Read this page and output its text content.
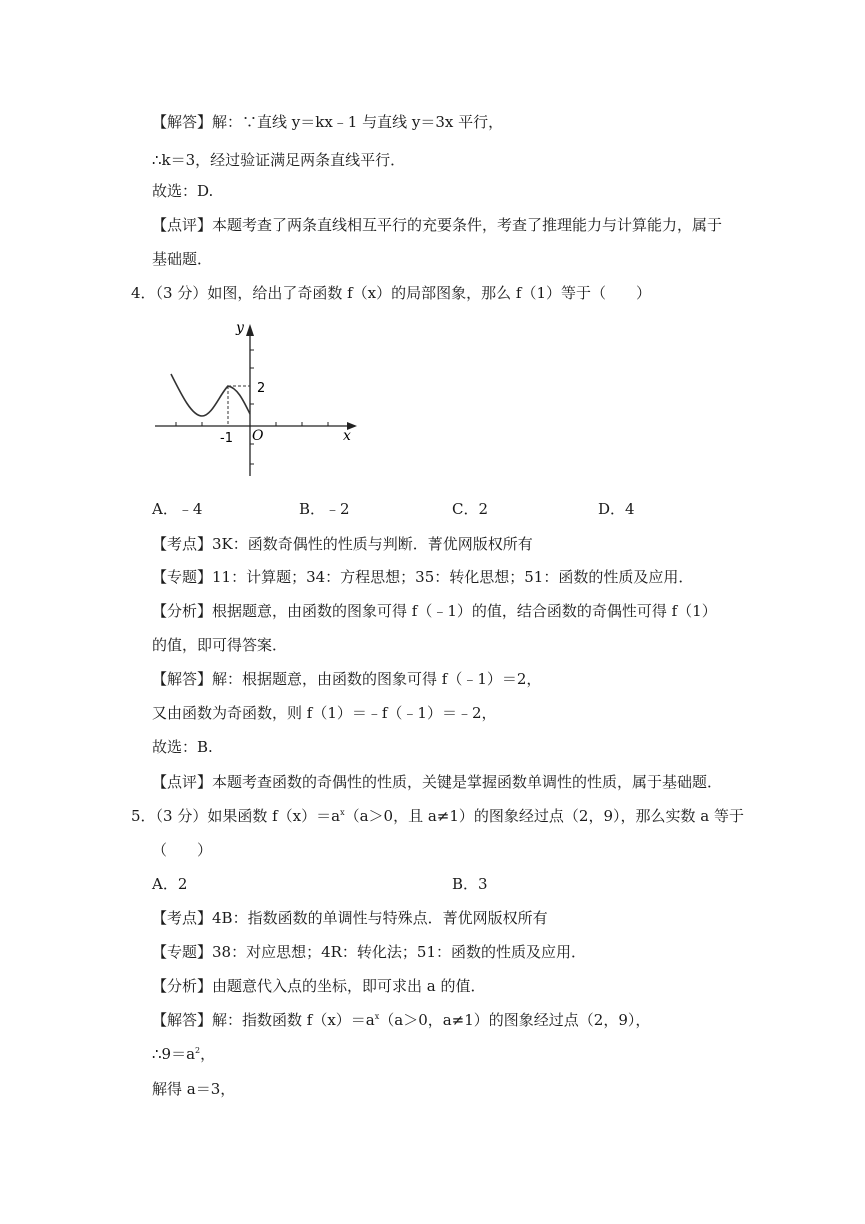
【解答】解：∵直线 y＝kx﹣1 与直线 y＝3x 平行，
∴k＝3，经过验证满足两条直线平行．
故选：D.
【点评】本题考查了两条直线相互平行的充要条件，考查了推理能力与计算能力，属于
基础题．
4．（3 分）如图，给出了奇函数 f（x）的局部图象，那么 f（1）等于（　　）
y
x
O
-1
2
A．﹣4	B．﹣2	C．2	D．4
【考点】3K：函数奇偶性的性质与判断．菁优网版权所有
【专题】11：计算题；34：方程思想；35：转化思想；51：函数的性质及应用．
【分析】根据题意，由函数的图象可得 f（﹣1）的值，结合函数的奇偶性可得 f（1）
的值，即可得答案．
【解答】解：根据题意，由函数的图象可得 f（﹣1）＝2，
又由函数为奇函数，则 f（1）＝﹣f（﹣1）＝﹣2，
故选：B.
【点评】本题考查函数的奇偶性的性质，关键是掌握函数单调性的性质，属于基础题．
5．（3 分）如果函数 $f(x)=a^x(a>0$，且 a≠1）的图象经过点（2，9），那么实数 a 等于
（　　）
A．2	B．3
【考点】4B：指数函数的单调性与特殊点．菁优网版权所有
【专题】38：对应思想；4R：转化法；51：函数的性质及应用．
【分析】由题意代入点的坐标，即可求出 a 的值．
【解答】解：指数函数 $f(x)=a^x(a>0$，a≠1）的图象经过点（2，9），
$\therefore 9=a^2$，
解得 a＝3，
